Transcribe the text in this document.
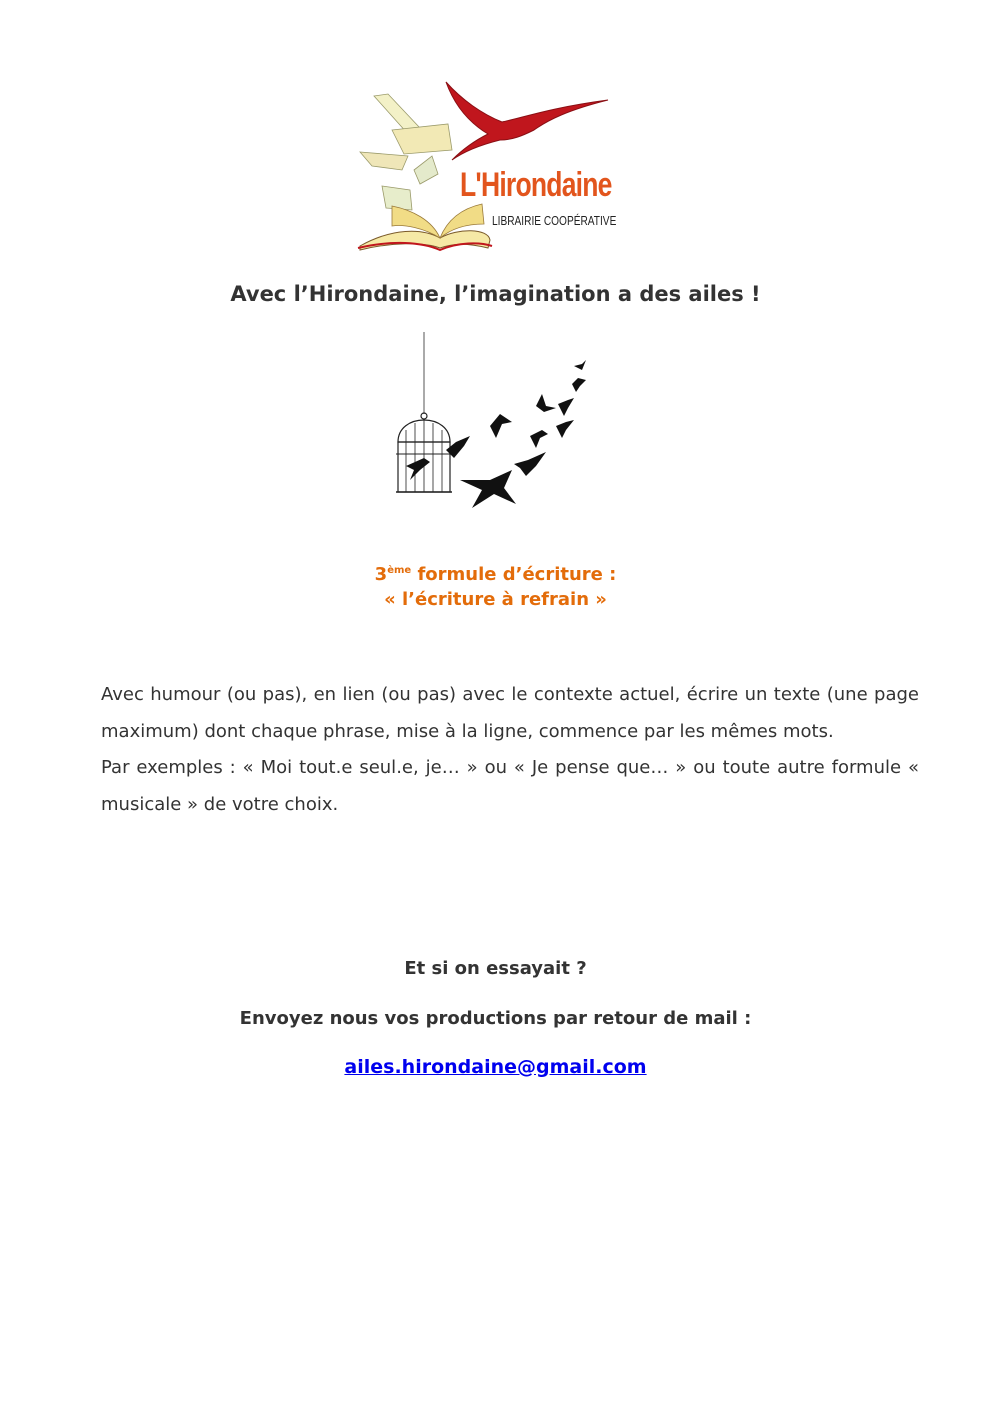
L'Hirondaine
LIBRAIRIE COOPÉRATIVE
Avec l’Hirondaine, l’imagination a des ailes !
3ème formule d’écriture :
« l’écriture à refrain »

Avec humour (ou pas), en lien (ou pas) avec le contexte actuel, écrire un texte (une page maximum) dont chaque phrase, mise à la ligne, commence par les mêmes mots.

Par exemples : « Moi tout.e seul.e, je… » ou « Je pense que… » ou toute autre formule « musicale » de votre choix.

Et si on essayait ?
Envoyez nous vos productions par retour de mail :
ailes.hirondaine@gmail.com
